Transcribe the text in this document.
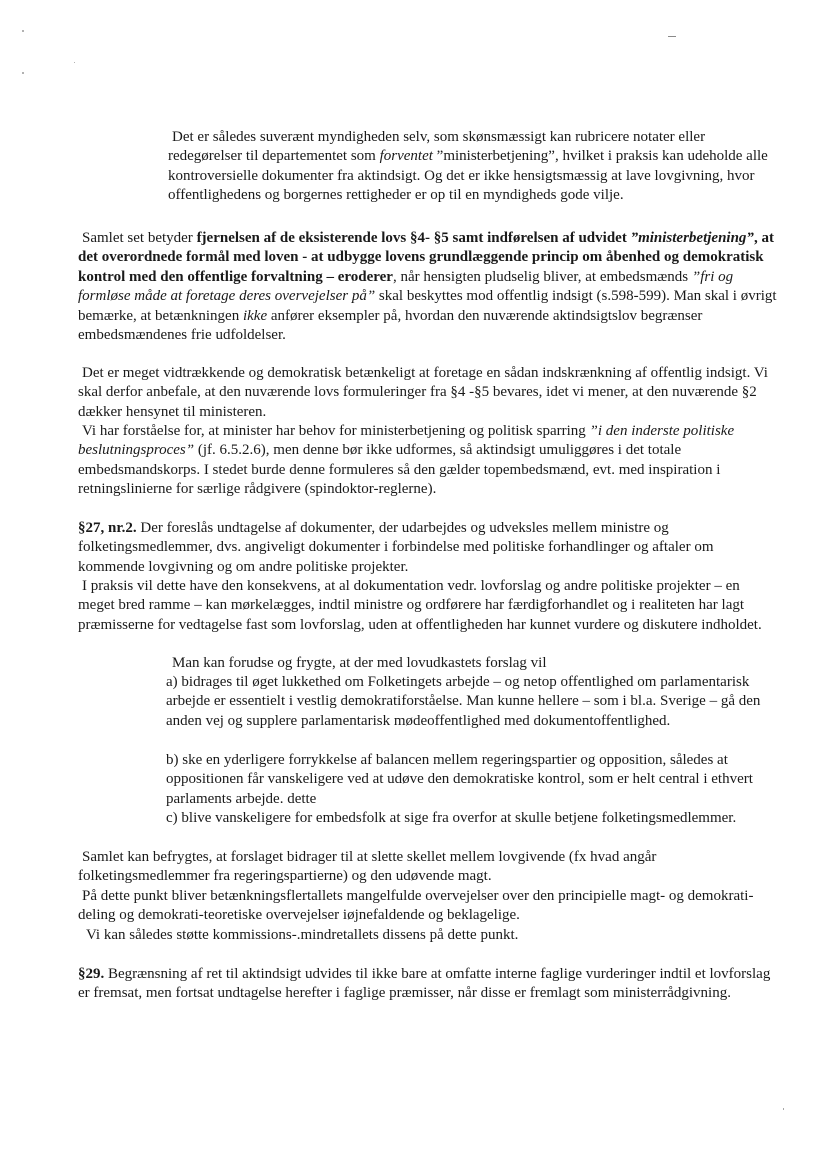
Det er således suverænt myndigheden selv, som skønsmæssigt kan rubricere notater eller redegørelser til departementet som forventet ”ministerbetjening”, hvilket i praksis kan udeholde alle kontroversielle dokumenter fra aktindsigt. Og det er ikke hensigtsmæssig at lave lovgivning, hvor offentlighedens og borgernes rettigheder er op til en myndigheds gode vilje.

Samlet set betyder fjernelsen af de eksisterende lovs §4- §5 samt indførelsen af udvidet ”ministerbetjening”, at det overordnede formål med loven - at udbygge lovens grundlæggende princip om åbenhed og demokratisk kontrol med den offentlige forvaltning – eroderer, når hensigten pludselig bliver, at embedsmænds ”fri og formløse måde at foretage deres overvejelser på” skal beskyttes mod offentlig indsigt (s.598-599). Man skal i øvrigt bemærke, at betænkningen ikke anfører eksempler på, hvordan den nuværende aktindsigtslov begrænser embedsmændenes frie udfoldelser.

Det er meget vidtrækkende og demokratisk betænkeligt at foretage en sådan indskrænkning af offentlig indsigt. Vi skal derfor anbefale, at den nuværende lovs formuleringer fra §4 -§5 bevares, idet vi mener, at den nuværende §2 dækker hensynet til ministeren.

Vi har forståelse for, at minister har behov for ministerbetjening og politisk sparring ”i den inderste politiske beslutningsproces” (jf. 6.5.2.6), men denne bør ikke udformes, så aktindsigt umuliggøres i det totale embedsmandskorps. I stedet burde denne formuleres så den gælder topembedsmænd, evt. med inspiration i retningslinierne for særlige rådgivere (spindoktor-reglerne).

§27, nr.2. Der foreslås undtagelse af dokumenter, der udarbejdes og udveksles mellem ministre og folketingsmedlemmer, dvs. angiveligt dokumenter i forbindelse med politiske forhandlinger og aftaler om kommende lovgivning og om andre politiske projekter.

I praksis vil dette have den konsekvens, at al dokumentation vedr. lovforslag og andre politiske projekter – en meget bred ramme – kan mørkelægges, indtil ministre og ordførere har færdigforhandlet og i realiteten har lagt præmisserne for vedtagelse fast som lovforslag, uden at offentligheden har kunnet vurdere og diskutere indholdet.

Man kan forudse og frygte, at der med lovudkastets forslag vil

a) bidrages til øget lukkethed om Folketingets arbejde – og netop offentlighed om parlamentarisk arbejde er essentielt i vestlig demokratiforståelse. Man kunne hellere – som i bl.a. Sverige – gå den anden vej og supplere parlamentarisk mødeoffentlighed med dokumentoffentlighed.

b) ske en yderligere forrykkelse af balancen mellem regeringspartier og opposition, således at oppositionen får vanskeligere ved at udøve den demokratiske kontrol, som er helt central i ethvert parlaments arbejde. dette

c) blive vanskeligere for embedsfolk at sige fra overfor at skulle betjene folketingsmedlemmer.

Samlet kan befrygtes, at forslaget bidrager til at slette skellet mellem lovgivende (fx hvad angår folketingsmedlemmer fra regeringspartierne) og den udøvende magt.

På dette punkt bliver betænkningsflertallets mangelfulde overvejelser over den principielle magt- og demokrati-deling og demokrati-teoretiske overvejelser iøjnefaldende og beklagelige.

Vi kan således støtte kommissions-.mindretallets dissens på dette punkt.

§29. Begrænsning af ret til aktindsigt udvides til ikke bare at omfatte interne faglige vurderinger indtil et lovforslag er fremsat, men fortsat undtagelse herefter i faglige præmisser, når disse er fremlagt som ministerrådgivning.
